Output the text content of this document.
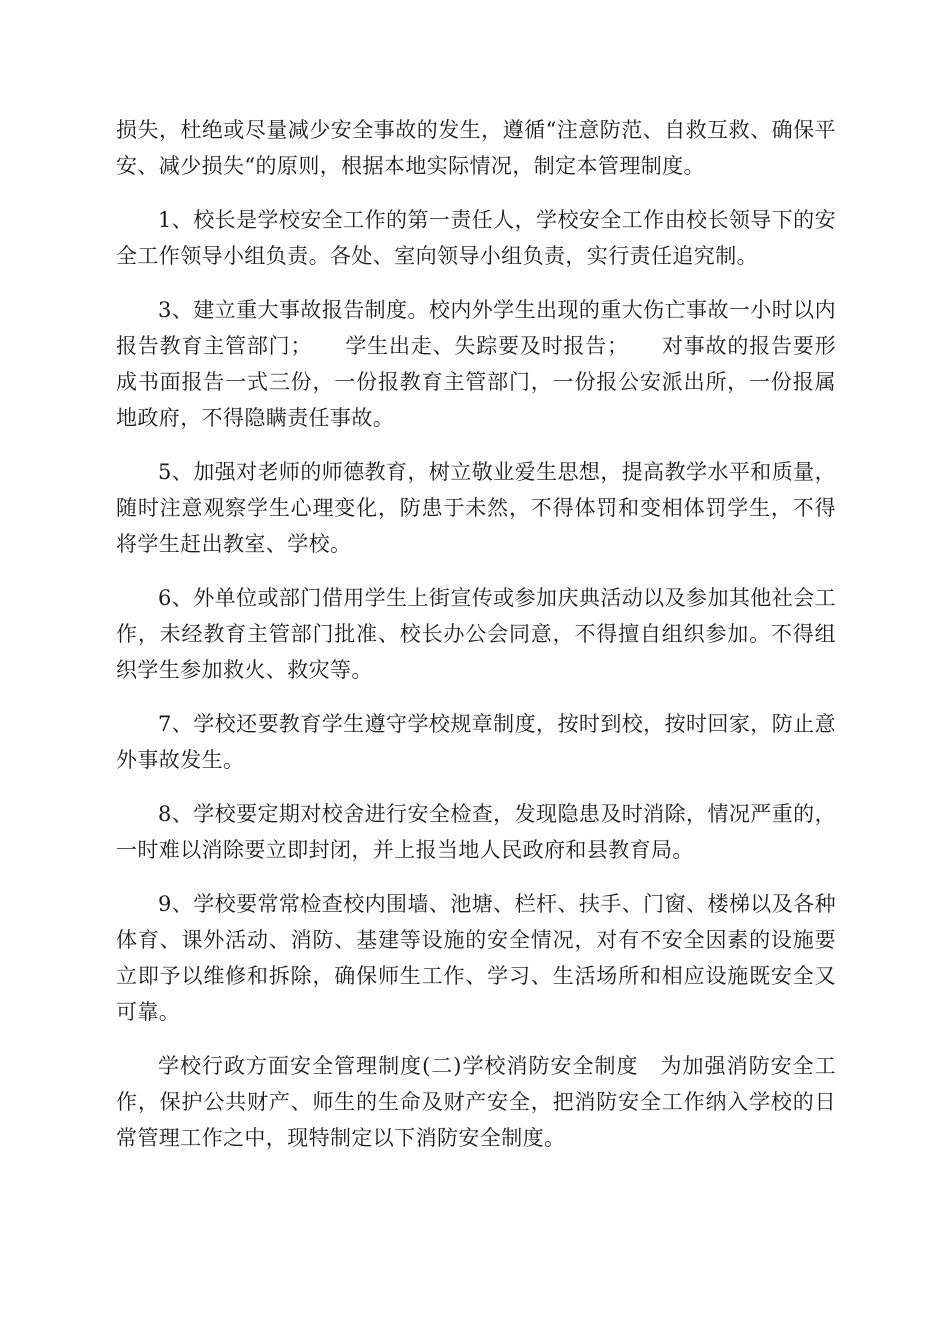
损失，杜绝或尽量减少安全事故的发生，遵循“注意防范、自救互救、确保平安、减少损失“的原则，根据本地实际情况，制定本管理制度。

1、校长是学校安全工作的第一责任人，学校安全工作由校长领导下的安全工作领导小组负责。各处、室向领导小组负责，实行责任追究制。

3、建立重大事故报告制度。校内外学生出现的重大伤亡事故一小时以内报告教育主管部门；　　学生出走、失踪要及时报告；　　对事故的报告要形成书面报告一式三份，一份报教育主管部门，一份报公安派出所，一份报属地政府，不得隐瞒责任事故。

5、加强对老师的师德教育，树立敬业爱生思想，提高教学水平和质量，随时注意观察学生心理变化，防患于未然，不得体罚和变相体罚学生，不得将学生赶出教室、学校。

6、外单位或部门借用学生上街宣传或参加庆典活动以及参加其他社会工作，未经教育主管部门批准、校长办公会同意，不得擅自组织参加。不得组织学生参加救火、救灾等。

7、学校还要教育学生遵守学校规章制度，按时到校，按时回家，防止意外事故发生。

8、学校要定期对校舍进行安全检查，发现隐患及时消除，情况严重的，一时难以消除要立即封闭，并上报当地人民政府和县教育局。

9、学校要常常检查校内围墙、池塘、栏杆、扶手、门窗、楼梯以及各种体育、课外活动、消防、基建等设施的安全情况，对有不安全因素的设施要立即予以维修和拆除，确保师生工作、学习、生活场所和相应设施既安全又可靠。

学校行政方面安全管理制度(二)学校消防安全制度　为加强消防安全工作，保护公共财产、师生的生命及财产安全，把消防安全工作纳入学校的日常管理工作之中，现特制定以下消防安全制度。
